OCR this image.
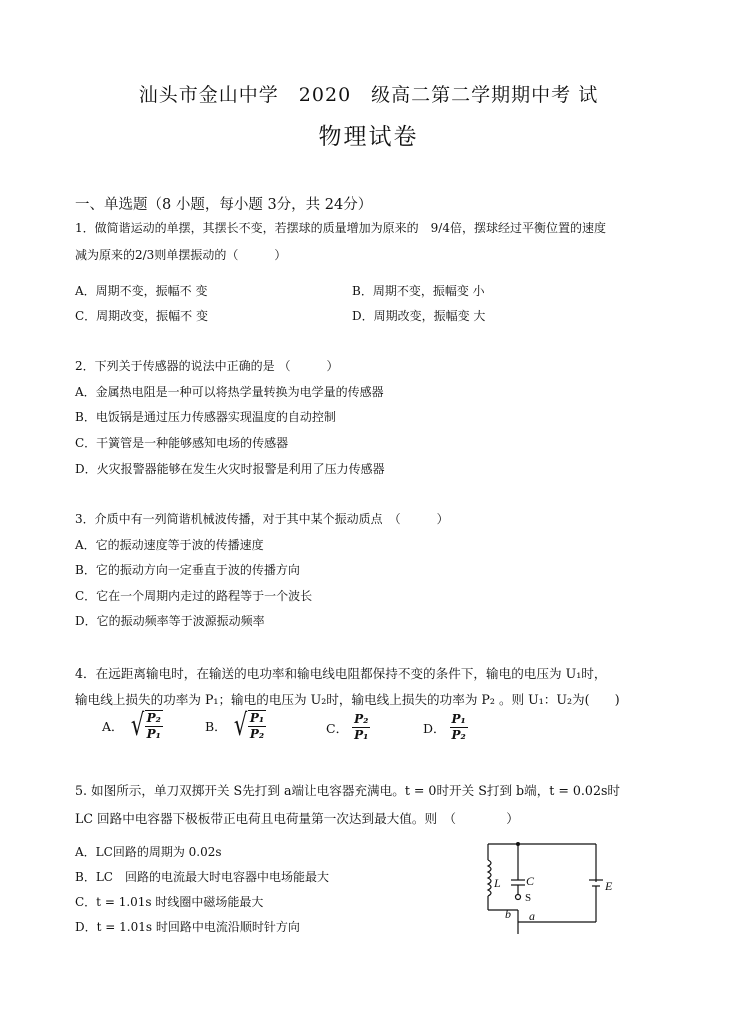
汕头市金山中学　2020　级高二第二学期期中考 试
物理试卷
一、单选题（8 小题，每小题 3分，共 24分）
1．做简谐运动的单摆，其摆长不变，若摆球的质量增加为原来的　9/4倍，摆球经过平衡位置的速度
减为原来的2/3则单摆振动的（　　　）
A．周期不变，振幅不 变	B．周期不变，振幅变 小
C．周期改变，振幅不 变	D．周期改变，振幅变 大
2．下列关于传感器的说法中正确的是 （　　　）
A．金属热电阻是一种可以将热学量转换为电学量的传感器
B．电饭锅是通过压力传感器实现温度的自动控制
C．干簧管是一种能够感知电场的传感器
D．火灾报警器能够在发生火灾时报警是利用了压力传感器
3．介质中有一列简谐机械波传播，对于其中某个振动质点　（　　　）
A．它的振动速度等于波的传播速度
B．它的振动方向一定垂直于波的传播方向
C．它在一个周期内走过的路程等于一个波长
D．它的振动频率等于波源振动频率
4．在远距离输电时，在输送的电功率和输电线电阻都保持不变的条件下，输电的电压为 U₁时，
输电线上损失的功率为 P₁；输电的电压为 U₂时，输电线上损失的功率为 P₂ 。则 U₁：U₂为(　　)
A． √ $\frac{\text{P₂}}{\text{P₁}}$	B． √ $\frac{\text{P₁}}{\text{P₂}}$	C． $\frac{\text{P₂}}{\text{P₁}}$	D． $\frac{\text{P₁}}{\text{P₂}}$
5. 如图所示，单刀双掷开关 S先打到 a端让电容器充满电。t = 0时开关 S打到 b端，t = 0.02s时
LC 回路中电容器下极板带正电荷且电荷量第一次达到最大值。则　（　　　　）
A．LC回路的周期为 0.02s
B．LC　回路的电流最大时电容器中电场能最大
C．t = 1.01s 时线圈中磁场能最大
D．t = 1.01s 时回路中电流沿顺时针方向
L C	E
b a
S
